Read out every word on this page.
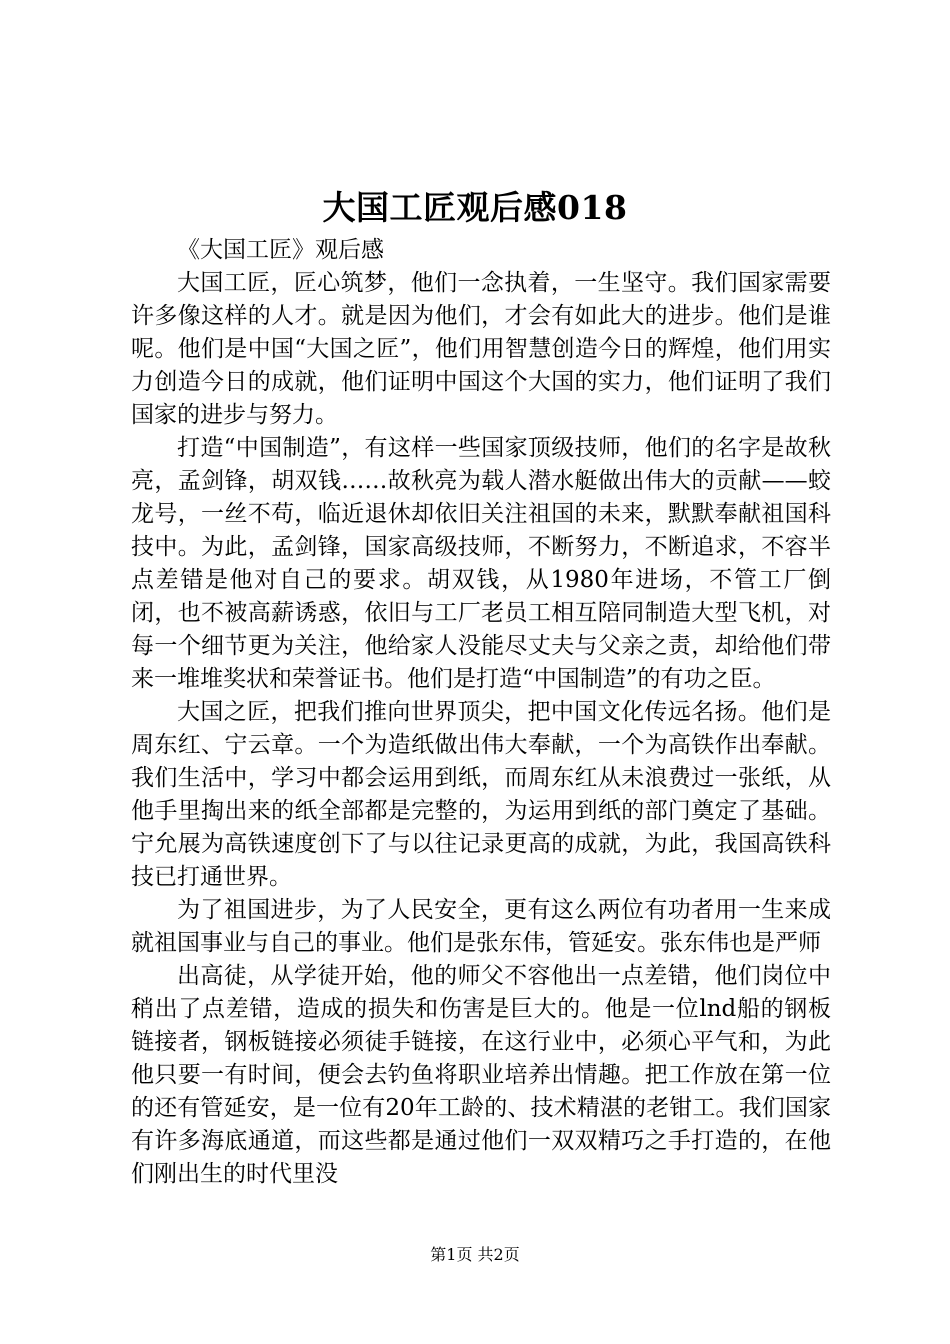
大国工匠观后感018

《大国工匠》观后感

大国工匠，匠心筑梦，他们一念执着，一生坚守。我们国家需要许多像这样的人才。就是因为他们，才会有如此大的进步。他们是谁呢。他们是中国“大国之匠”，他们用智慧创造今日的辉煌，他们用实力创造今日的成就，他们证明中国这个大国的实力，他们证明了我们国家的进步与努力。

打造“中国制造”，有这样一些国家顶级技师，他们的名字是故秋亮，孟剑锋，胡双钱……故秋亮为载人潜水艇做出伟大的贡献——蛟龙号，一丝不苟，临近退休却依旧关注祖国的未来，默默奉献祖国科技中。为此，孟剑锋，国家高级技师，不断努力，不断追求，不容半点差错是他对自己的要求。胡双钱，从1980年进场，不管工厂倒闭，也不被高薪诱惑，依旧与工厂老员工相互陪同制造大型飞机，对每一个细节更为关注，他给家人没能尽丈夫与父亲之责，却给他们带来一堆堆奖状和荣誉证书。他们是打造“中国制造”的有功之臣。

大国之匠，把我们推向世界顶尖，把中国文化传远名扬。他们是周东红、宁云章。一个为造纸做出伟大奉献，一个为高铁作出奉献。我们生活中，学习中都会运用到纸，而周东红从未浪费过一张纸，从他手里掏出来的纸全部都是完整的，为运用到纸的部门奠定了基础。宁允展为高铁速度创下了与以往记录更高的成就，为此，我国高铁科技已打通世界。

为了祖国进步，为了人民安全，更有这么两位有功者用一生来成就祖国事业与自己的事业。他们是张东伟，管延安。张东伟也是严师

出高徒，从学徒开始，他的师父不容他出一点差错，他们岗位中稍出了点差错，造成的损失和伤害是巨大的。他是一位lnd船的钢板链接者，钢板链接必须徒手链接，在这行业中，必须心平气和，为此他只要一有时间，便会去钓鱼将职业培养出情趣。把工作放在第一位的还有管延安，是一位有20年工龄的、技术精湛的老钳工。我们国家有许多海底通道，而这些都是通过他们一双双精巧之手打造的，在他们刚出生的时代里没

第1页 共2页
